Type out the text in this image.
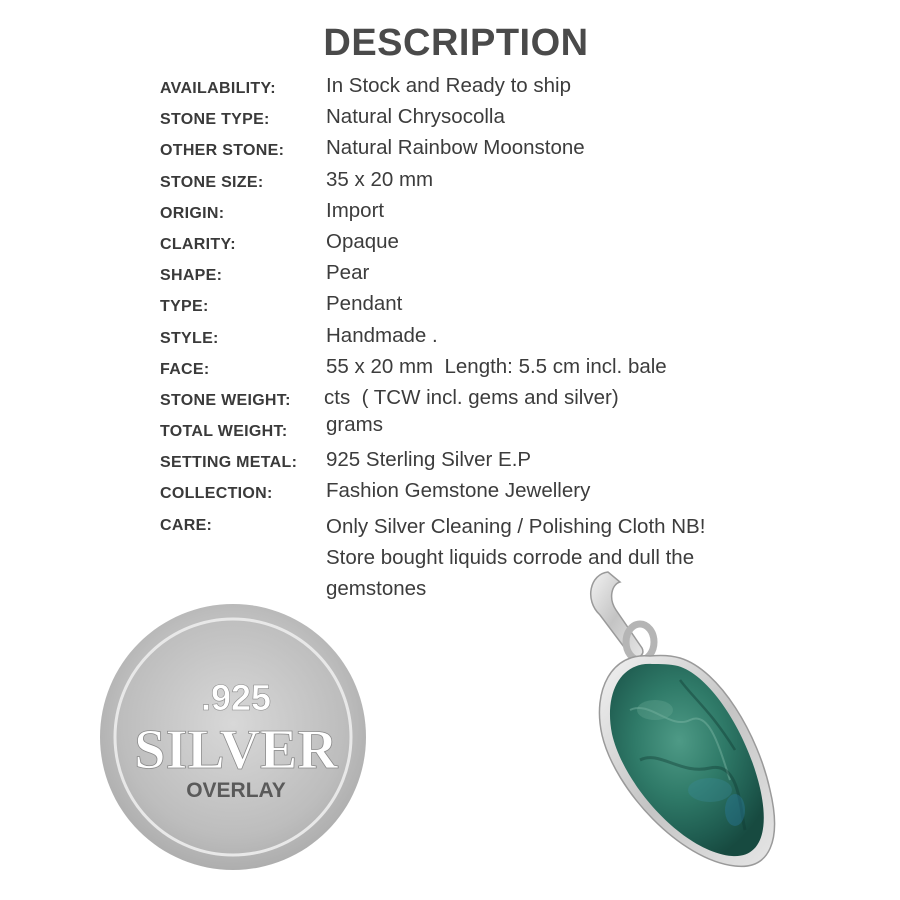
DESCRIPTION
AVAILABILITY: In Stock and Ready to ship
STONE TYPE:	Natural Chrysocolla
OTHER STONE: Natural Rainbow Moonstone
STONE SIZE:	35 x 20 mm
ORIGIN:	Import
CLARITY:	Opaque
SHAPE:	Pear
TYPE:	Pendant
STYLE:	Handmade .
FACE:	55 x 20 mm  Length: 5.5 cm incl. bale
STONE WEIGHT: cts  ( TCW incl. gems and silver)
TOTAL WEIGHT: grams
SETTING METAL: 925 Sterling Silver E.P
COLLECTION:	Fashion Gemstone Jewellery
CARE:	Only Silver Cleaning / Polishing Cloth NB! Store bought liquids corrode and dull the gemstones
.925
SILVER
OVERLAY
